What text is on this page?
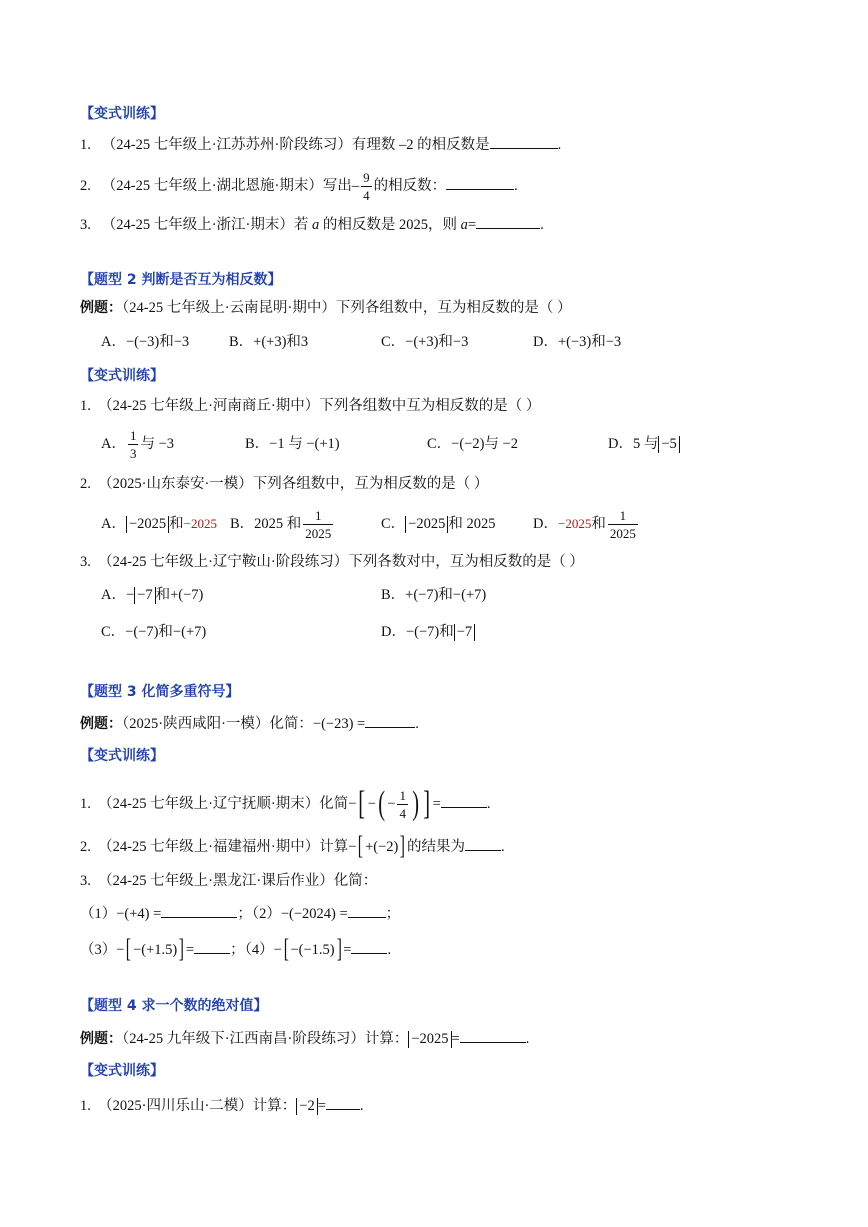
【变式训练】
1. （24-25 七年级上·江苏苏州·阶段练习）有理数 –2 的相反数是	.
2. （24-25 七年级上·湖北恩施·期末）写出– $\frac{9}{4}$ 的相反数：	.
3. （24-25 七年级上·浙江·期末）若 a 的相反数是 2025，则 a=	.
【题型 2 判断是否互为相反数】
例题：（24-25 七年级上·云南昆明·期中）下列各组数中，互为相反数的是（ ）
A．−(−3)和−3	B．+(+3)和3	C．−(+3)和−3	D．+(−3)和−3
【变式训练】
1. （24-25 七年级上·河南商丘·期中）下列各组数中互为相反数的是（ ）
A． $\frac{1}{3}$ 与 −3	B．−1 与 −(+1)	C．−(−2)与 −2	D．5 与 −5
2. （2025·山东泰安·一模）下列各组数中，互为相反数的是（ ）
A． −2025 和−2025 B．2025 和 $\frac{1}{2025}$	C． −2025 和 2025	D．−2025和 $\frac{1}{2025}$
3. （24-25 七年级上·辽宁鞍山·阶段练习）下列各数对中，互为相反数的是（ ）
A．− −7 和+(−7)	B．+(−7)和−(+7)
C．−(−7)和−(+7)	D．−(−7)和 −7
【题型 3 化简多重符号】
例题：（2025·陕西咸阳·一模）化简：−(−23) =	.
【变式训练】
1. （24-25 七年级上·辽宁抚顺·期末）化简−[ −( − $\frac{1}{4}$ ) ] =	.
2. （24-25 七年级上·福建福州·期中）计算−[ +(−2)] 的结果为 .
3. （24-25 七年级上·黑龙江·课后作业）化简：
（1）−(+4) =	；（2）−(−2024) =	；
（3）−[ −(+1.5)] = ；（4）−[ −(−1.5)] = .
【题型 4 求一个数的绝对值】
例题：（24-25 九年级下·江西南昌·阶段练习）计算： −2025 =	.
【变式训练】
1. （2025·四川乐山·二模）计算： −2 = .
